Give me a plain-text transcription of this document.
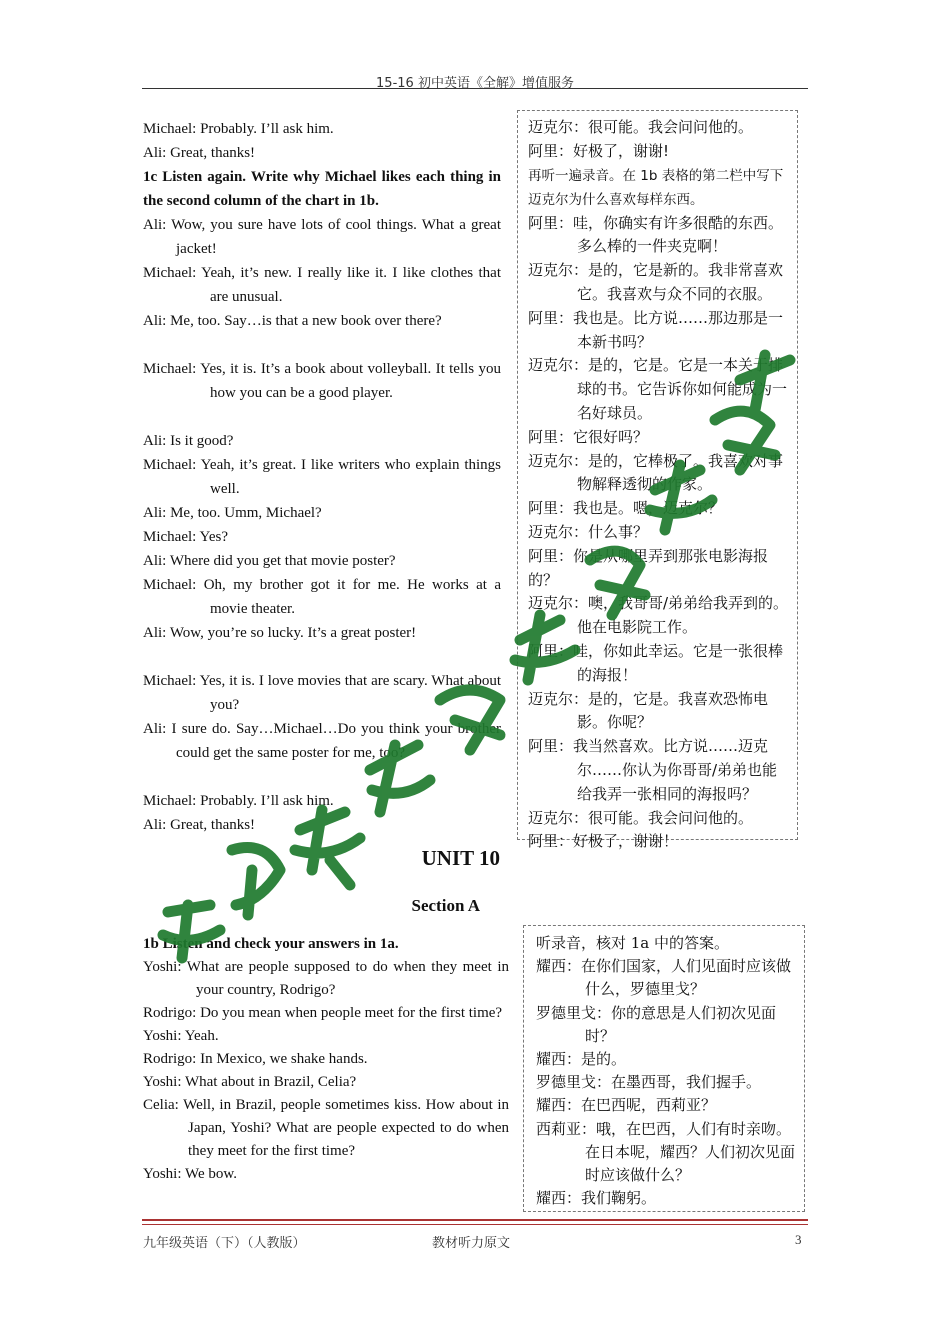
15-16 初中英语《全解》增值服务

Michael: Probably. I’ll ask him.

Ali: Great, thanks!

1c Listen again. Write why Michael likes each thing in the second column of the chart in 1b.

Ali: Wow, you sure have lots of cool things. What a great jacket!

Michael: Yeah, it’s new. I really like it. I like clothes that are unusual.

Ali: Me, too. Say…is that a new book over there?

Michael: Yes, it is. It’s a book about volleyball. It tells you how you can be a good player.

Ali: Is it good?

Michael: Yeah, it’s great. I like writers who explain things well.

Ali: Me, too. Umm, Michael?

Michael: Yes?

Ali: Where did you get that movie poster?

Michael: Oh, my brother got it for me. He works at a movie theater.

Ali: Wow, you’re so lucky. It’s a great poster!

Michael: Yes, it is. I love movies that are scary. What about you?

Ali: I sure do. Say…Michael…Do you think your brother could get the same poster for me, too?

Michael: Probably. I’ll ask him.

Ali: Great, thanks!

迈克尔：很可能。我会问问他的。

阿里：好极了，谢谢!

再听一遍录音。在 1b 表格的第二栏中写下迈克尔为什么喜欢每样东西。

阿里：哇，你确实有许多很酷的东西。多么棒的一件夹克啊！

迈克尔：是的，它是新的。我非常喜欢它。我喜欢与众不同的衣服。

阿里：我也是。比方说……那边那是一本新书吗？

迈克尔：是的，它是。它是一本关于排球的书。它告诉你如何能成为一名好球员。

阿里：它很好吗？

迈克尔：是的，它棒极了。我喜欢对事物解释透彻的作家。

阿里：我也是。嗯，迈克尔？

迈克尔：什么事？

阿里：你是从哪里弄到那张电影海报的？

迈克尔：噢，我哥哥/弟弟给我弄到的。他在电影院工作。

阿里：哇，你如此幸运。它是一张很棒的海报！

迈克尔：是的，它是。我喜欢恐怖电影。你呢？

阿里：我当然喜欢。比方说……迈克尔……你认为你哥哥/弟弟也能给我弄一张相同的海报吗？

迈克尔：很可能。我会问问他的。

阿里：好极了，谢谢！

UNIT 10
Section A

1b Listen and check your answers in 1a.

Yoshi: What are people supposed to do when they meet in your country, Rodrigo?

Rodrigo: Do you mean when people meet for the first time?

Yoshi: Yeah.

Rodrigo: In Mexico, we shake hands.

Yoshi: What about in Brazil, Celia?

Celia: Well, in Brazil, people sometimes kiss. How about in Japan, Yoshi? What are people expected to do when they meet for the first time?

Yoshi: We bow.

听录音，核对 1a 中的答案。

耀西：在你们国家，人们见面时应该做什么，罗德里戈？

罗德里戈：你的意思是人们初次见面时？

耀西：是的。

罗德里戈：在墨西哥，我们握手。

耀西：在巴西呢，西莉亚？

西莉亚：哦，在巴西，人们有时亲吻。在日本呢，耀西？人们初次见面时应该做什么？

耀西：我们鞠躬。

九年级英语（下）（人教版）	教材听力原文	3
